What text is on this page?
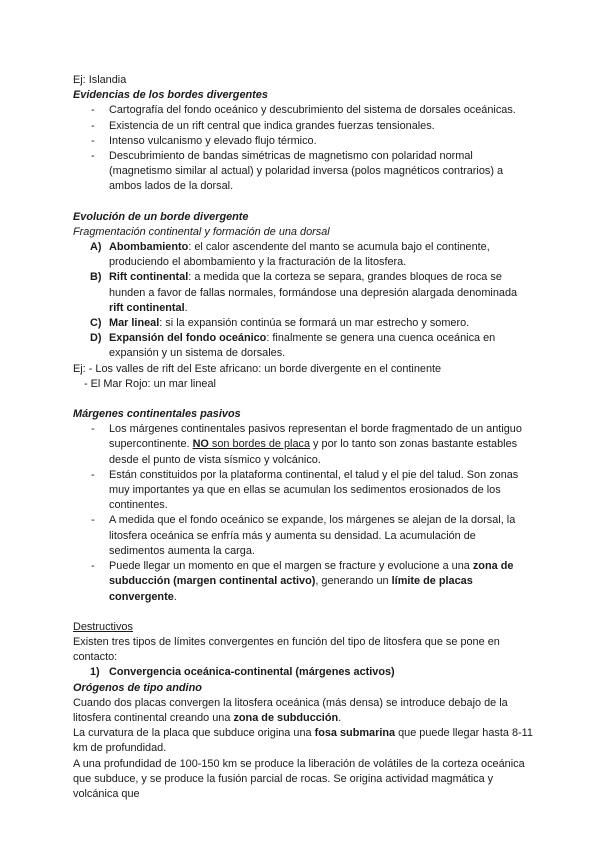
Ej: Islandia

Evidencias de los bordes divergentes

- Cartografía del fondo oceánico y descubrimiento del sistema de dorsales oceánicas.
- Existencia de un rift central que indica grandes fuerzas tensionales.
- Intenso vulcanismo y elevado flujo térmico.
- Descubrimiento de bandas simétricas de magnetismo con polaridad normal (magnetismo similar al actual) y polaridad inversa (polos magnéticos contrarios) a ambos lados de la dorsal.

Evolución de un borde divergente

Fragmentación continental y formación de una dorsal

A) Abombamiento: el calor ascendente del manto se acumula bajo el continente, produciendo el abombamiento y la fracturación de la litosfera.
B) Rift continental: a medida que la corteza se separa, grandes bloques de roca se hunden a favor de fallas normales, formándose una depresión alargada denominada rift continental.
C) Mar lineal: si la expansión continúa se formará un mar estrecho y somero.
D) Expansión del fondo oceánico: finalmente se genera una cuenca oceánica en expansión y un sistema de dorsales.

Ej: - Los valles de rift del Este africano: un borde divergente en el continente

- El Mar Rojo: un mar lineal

Márgenes continentales pasivos

- Los márgenes continentales pasivos representan el borde fragmentado de un antiguo supercontinente. NO son bordes de placa y por lo tanto son zonas bastante estables desde el punto de vista sísmico y volcánico.
- Están constituidos por la plataforma continental, el talud y el pie del talud. Son zonas muy importantes ya que en ellas se acumulan los sedimentos erosionados de los continentes.
- A medida que el fondo oceánico se expande, los márgenes se alejan de la dorsal, la litosfera oceánica se enfría más y aumenta su densidad. La acumulación de sedimentos aumenta la carga.
- Puede llegar un momento en que el margen se fracture y evolucione a una zona de subducción (margen continental activo), generando un límite de placas convergente.

Destructivos

Existen tres tipos de límites convergentes en función del tipo de litosfera que se pone en contacto:

1) Convergencia oceánica-continental (márgenes activos)

Orógenos de tipo andino

Cuando dos placas convergen la litosfera oceánica (más densa) se introduce debajo de la litosfera continental creando una zona de subducción.

La curvatura de la placa que subduce origina una fosa submarina que puede llegar hasta 8-11 km de profundidad.

A una profundidad de 100-150 km se produce la liberación de volátiles de la corteza oceánica que subduce, y se produce la fusión parcial de rocas. Se origina actividad magmática y volcánica que
